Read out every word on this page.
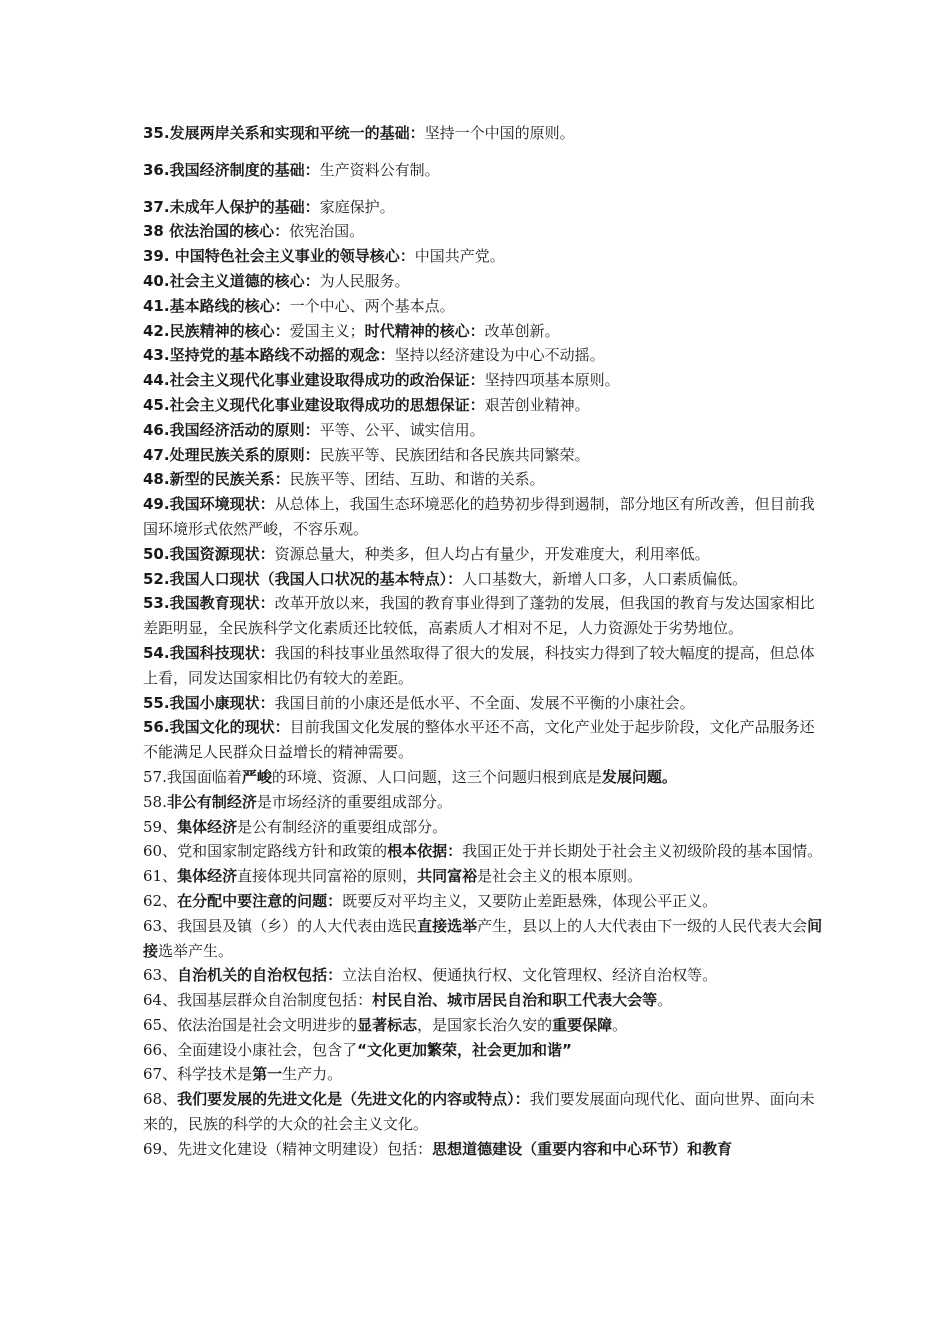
35.发展两岸关系和实现和平统一的基础：坚持一个中国的原则。

36.我国经济制度的基础：生产资料公有制。

37.未成年人保护的基础：家庭保护。

38 依法治国的核心：依宪治国。

39. 中国特色社会主义事业的领导核心：中国共产党。

40.社会主义道德的核心：为人民服务。

41.基本路线的核心：一个中心、两个基本点。

42.民族精神的核心：爱国主义；时代精神的核心：改革创新。

43.坚持党的基本路线不动摇的观念：坚持以经济建设为中心不动摇。

44.社会主义现代化事业建设取得成功的政治保证：坚持四项基本原则。

45.社会主义现代化事业建设取得成功的思想保证：艰苦创业精神。

46.我国经济活动的原则：平等、公平、诚实信用。

47.处理民族关系的原则：民族平等、民族团结和各民族共同繁荣。

48.新型的民族关系：民族平等、团结、互助、和谐的关系。

49.我国环境现状：从总体上，我国生态环境恶化的趋势初步得到遏制，部分地区有所改善，但目前我国环境形式依然严峻，不容乐观。

50.我国资源现状：资源总量大，种类多，但人均占有量少，开发难度大，利用率低。

52.我国人口现状（我国人口状况的基本特点）：人口基数大，新增人口多，人口素质偏低。

53.我国教育现状：改革开放以来，我国的教育事业得到了蓬勃的发展，但我国的教育与发达国家相比差距明显，全民族科学文化素质还比较低，高素质人才相对不足，人力资源处于劣势地位。

54.我国科技现状：我国的科技事业虽然取得了很大的发展，科技实力得到了较大幅度的提高，但总体上看，同发达国家相比仍有较大的差距。

55.我国小康现状：我国目前的小康还是低水平、不全面、发展不平衡的小康社会。

56.我国文化的现状：目前我国文化发展的整体水平还不高，文化产业处于起步阶段，文化产品服务还不能满足人民群众日益增长的精神需要。

57.我国面临着严峻的环境、资源、人口问题，这三个问题归根到底是发展问题。

58.非公有制经济是市场经济的重要组成部分。

59、集体经济是公有制经济的重要组成部分。

60、党和国家制定路线方针和政策的根本依据：我国正处于并长期处于社会主义初级阶段的基本国情。

61、集体经济直接体现共同富裕的原则，共同富裕是社会主义的根本原则。

62、在分配中要注意的问题：既要反对平均主义，又要防止差距悬殊，体现公平正义。

63、我国县及镇（乡）的人大代表由选民直接选举产生，县以上的人大代表由下一级的人民代表大会间接选举产生。

63、自治机关的自治权包括：立法自治权、便通执行权、文化管理权、经济自治权等。

64、我国基层群众自治制度包括：村民自治、城市居民自治和职工代表大会等。

65、依法治国是社会文明进步的显著标志，是国家长治久安的重要保障。

66、全面建设小康社会，包含了“文化更加繁荣，社会更加和谐”

67、科学技术是第一生产力。

68、我们要发展的先进文化是（先进文化的内容或特点）：我们要发展面向现代化、面向世界、面向未来的，民族的科学的大众的社会主义文化。

69、先进文化建设（精神文明建设）包括：思想道德建设（重要内容和中心环节）和教育
